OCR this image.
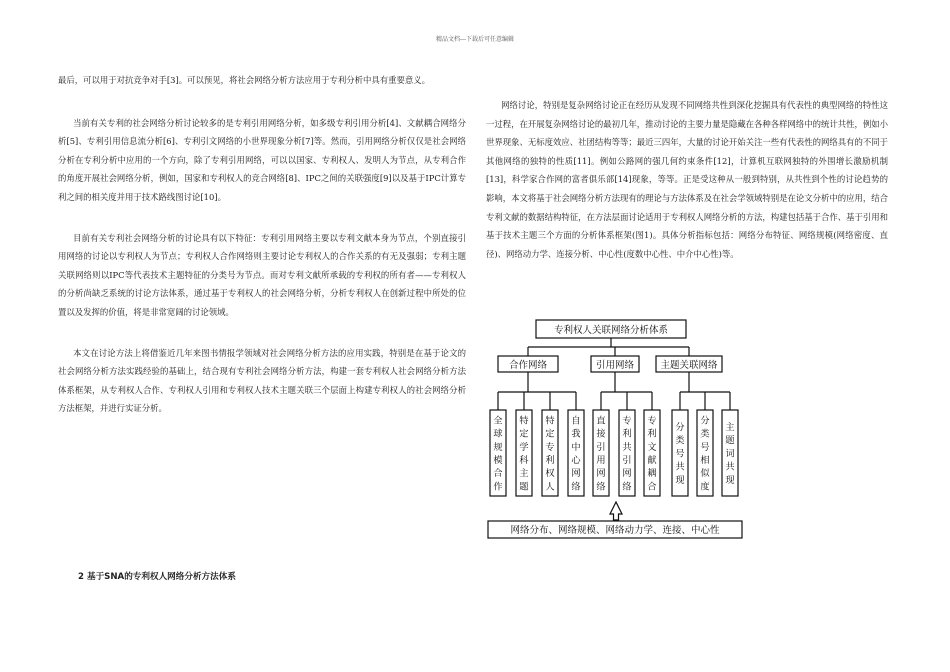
精品文档---下载后可任意编辑

最后，可以用于对抗竞争对手[3]。可以预见，将社会网络分析方法应用于专利分析中具有重要意义。

当前有关专利的社会网络分析讨论较多的是专利引用网络分析，如多级专利引用分析[4]、文献耦合网络分析[5]、专利引用信息流分析[6]、专利引文网络的小世界现象分析[7]等。然而，引用网络分析仅仅是社会网络分析在专利分析中应用的一个方向，除了专利引用网络，可以以国家、专利权人、发明人为节点，从专利合作的角度开展社会网络分析，例如，国家和专利权人的竞合网络[8]、IPC之间的关联强度[9]以及基于IPC计算专利之间的相关度并用于技术路线图讨论[10]。

目前有关专利社会网络分析的讨论具有以下特征：专利引用网络主要以专利文献本身为节点，个别直接引用网络的讨论以专利权人为节点；专利权人合作网络则主要讨论专利权人的合作关系的有无及强弱；专利主题关联网络则以IPC等代表技术主题特征的分类号为节点。而对专利文献所承载的专利权的所有者——专利权人的分析尚缺乏系统的讨论方法体系，通过基于专利权人的社会网络分析，分析专利权人在创新过程中所处的位置以及发挥的价值，将是非常宽阔的讨论领域。

本文在讨论方法上将借鉴近几年来图书情报学领域对社会网络分析方法的应用实践，特别是在基于论文的社会网络分析方法实践经验的基础上，结合现有专利社会网络分析方法，构建一套专利权人社会网络分析方法体系框架，从专利权人合作、专利权人引用和专利权人技术主题关联三个层面上构建专利权人的社会网络分析方法框架，并进行实证分析。

2 基于SNA的专利权人网络分析方法体系

网络讨论，特别是复杂网络讨论正在经历从发现不同网络共性到深化挖掘具有代表性的典型网络的特性这一过程，在开展复杂网络讨论的最初几年，推动讨论的主要力量是隐藏在各种各样网络中的统计共性，例如小世界现象、无标度效应、社团结构等等；最近三四年，大量的讨论开始关注一些有代表性的网络具有的不同于其他网络的独特的性质[11]。例如公路网的强几何约束条件[12]，计算机互联网独特的外围增长激励机制[13]，科学家合作网的富者俱乐部[14]现象，等等。正是受这种从一般到特别，从共性到个性的讨论趋势的影响，本文将基于社会网络分析方法现有的理论与方法体系及在社会学领域特别是在论文分析中的应用，结合专利文献的数据结构特征，在方法层面讨论适用于专利权人网络分析的方法，构建包括基于合作、基于引用和基于技术主题三个方面的分析体系框架(图1)。具体分析指标包括：网络分布特征、网络规模(网络密度、直径)、网络动力学、连接分析、中心性(度数中心性、中介中心性)等。

专利权人关联网络分析体系
合作网络
全
球
规
模
合
作
特
定
学
科
主
题
特
定
专
利
权
人
自
我
中
心
网
络
引用网络
直
接
引
用
网
络
专
利
共
引
网
络
专
利
文
献
耦
合
主题关联网络
分
类
号
共
现
分
类
号
相
似
度
主
题
词
共
现
网络分布、网络规模、网络动力学、连接、中心性
